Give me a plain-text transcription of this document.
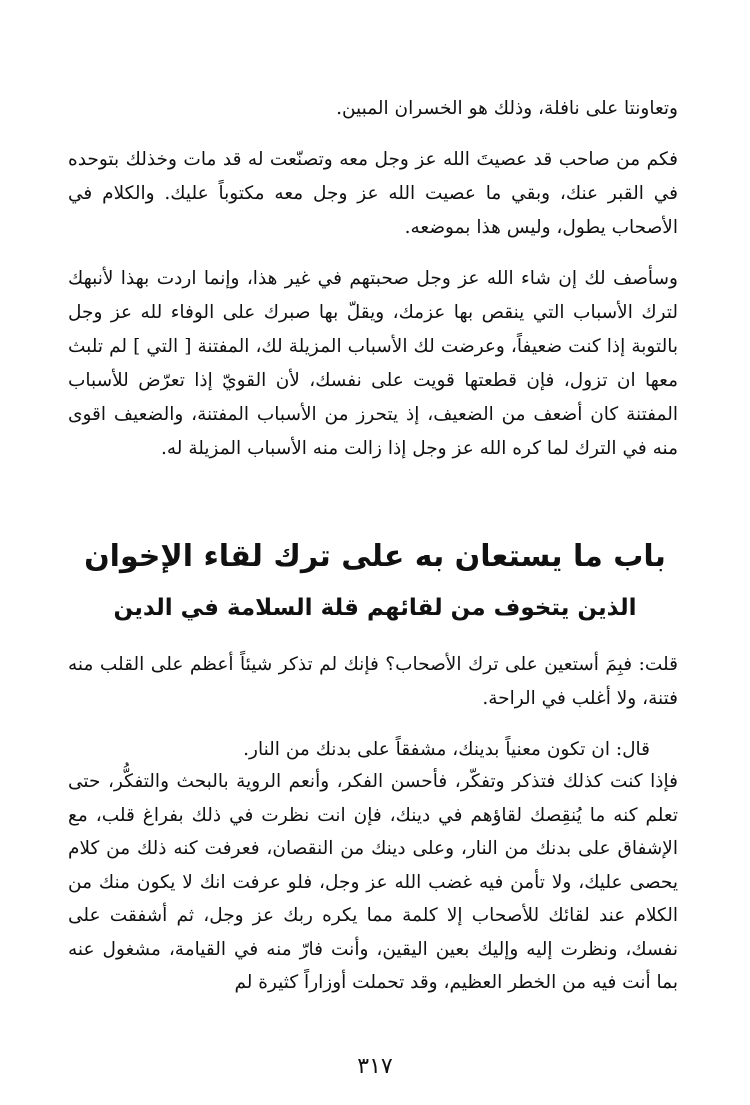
وتعاونتا على نافلة، وذلك هو الخسران المبين.

فكم من صاحب قد عصيتَ الله عز وجل معه وتصنّعت له قد مات وخذلك بتوحده في القبر عنك، وبقي ما عصيت الله عز وجل معه مكتوباً عليك. والكلام في الأصحاب يطول، وليس هذا بموضعه.

وسأصف لك إن شاء الله عز وجل صحبتهم في غير هذا، وإنما اردت بهذا لأنبهك لترك الأسباب التي ينقص بها عزمك، ويقلّ بها صبرك على الوفاء لله عز وجل بالتوبة إذا كنت ضعيفاً، وعرضت لك الأسباب المزيلة لك، المفتنة [ التي ] لم تلبث معها ان تزول، فإن قطعتها قويت على نفسك، لأن القويّ إذا تعرّض للأسباب المفتنة كان أضعف من الضعيف، إذ يتحرز من الأسباب المفتنة، والضعيف اقوى منه في الترك لما كره الله عز وجل إذا زالت منه الأسباب المزيلة له.

باب ما يستعان به على ترك لقاء الإخوان
الذين يتخوف من لقائهم قلة السلامة في الدين

قلت: فبِمَ أستعين على ترك الأصحاب؟ فإنك لم تذكر شيئاً أعظم على القلب منه فتنة، ولا أغلب في الراحة.

قال: ان تكون معنياً بدينك، مشفقاً على بدنك من النار.

فإذا كنت كذلك فتذكر وتفكّر، فأحسن الفكر، وأنعم الروية بالبحث والتفكُّر، حتى تعلم كنه ما يُنقِصك لقاؤهم في دينك، فإن انت نظرت في ذلك بفراغ قلب، مع الإشفاق على بدنك من النار، وعلى دينك من النقصان، فعرفت كنه ذلك من كلام يحصى عليك، ولا تأمن فيه غضب الله عز وجل، فلو عرفت انك لا يكون منك من الكلام عند لقائك للأصحاب إلا كلمة مما يكره ربك عز وجل، ثم أشفقت على نفسك، ونظرت إليه وإليك بعين اليقين، وأنت فارّ منه في القيامة، مشغول عنه بما أنت فيه من الخطر العظيم، وقد تحملت أوزاراً كثيرة لم

٣١٧
